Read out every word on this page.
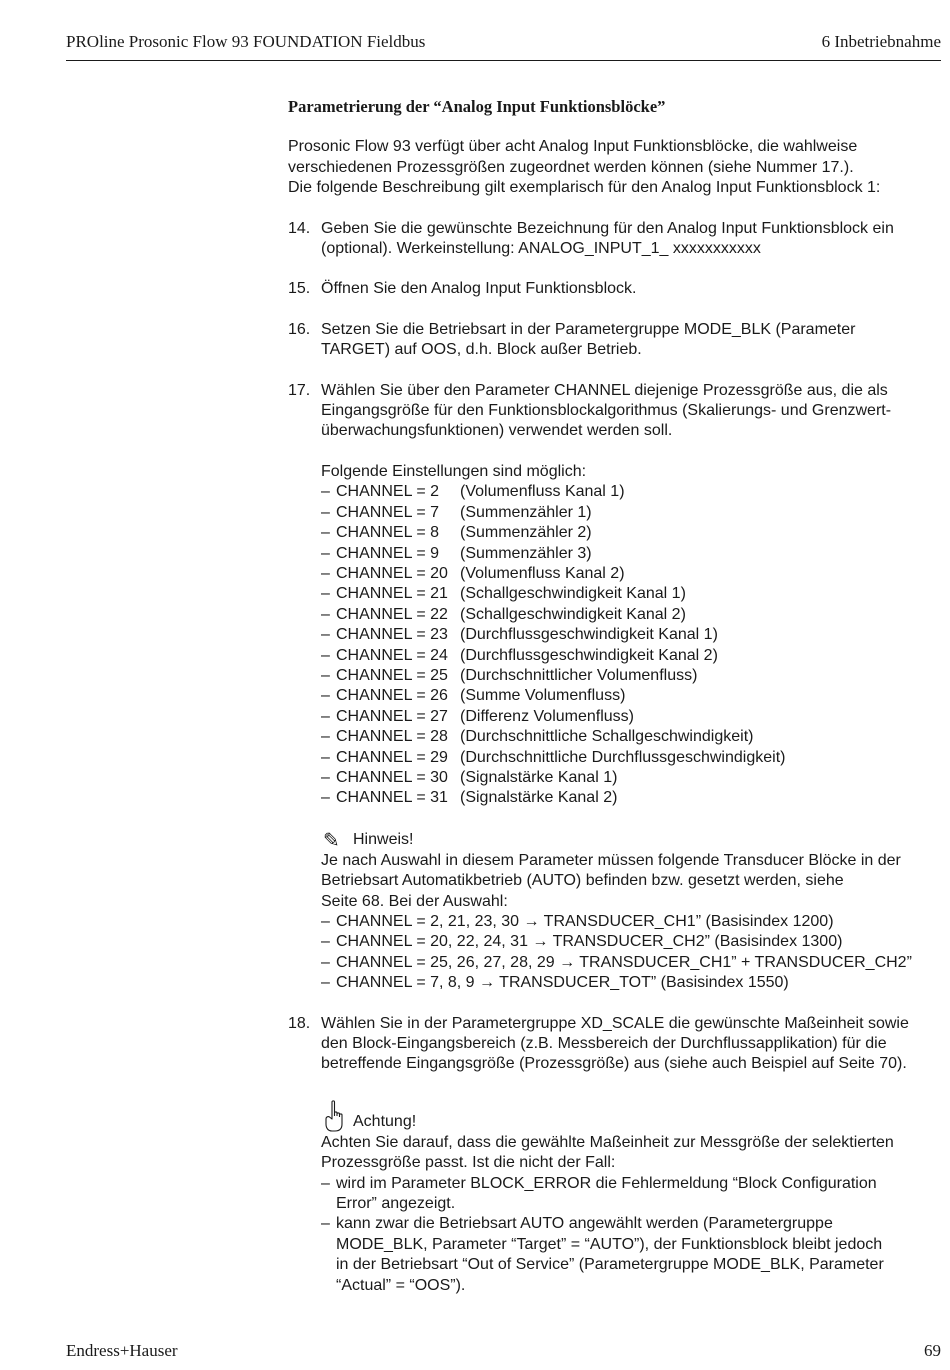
PROline Prosonic Flow 93 FOUNDATION Fieldbus	6 Inbetriebnahme
Parametrierung der “Analog Input Funktionsblöcke”

Prosonic Flow 93 verfügt über acht Analog Input Funktionsblöcke, die wahlweise

verschiedenen Prozessgrößen zugeordnet werden können (siehe Nummer 17.).

Die folgende Beschreibung gilt exemplarisch für den Analog Input Funktionsblock 1:

14. Geben Sie die gewünschte Bezeichnung für den Analog Input Funktionsblock ein

(optional). Werkeinstellung: ANALOG_INPUT_1_ xxxxxxxxxxx

15. Öffnen Sie den Analog Input Funktionsblock.

16. Setzen Sie die Betriebsart in der Parametergruppe MODE_BLK (Parameter

TARGET) auf OOS, d.h. Block außer Betrieb.

17. Wählen Sie über den Parameter CHANNEL diejenige Prozessgröße aus, die als

Eingangsgröße für den Funktionsblockalgorithmus (Skalierungs- und Grenzwert-

überwachungsfunktionen) verwendet werden soll.

Folgende Einstellungen sind möglich:

– CHANNEL = 2 (Volumenfluss Kanal 1)
– CHANNEL = 7 (Summenzähler 1)
– CHANNEL = 8 (Summenzähler 2)
– CHANNEL = 9 (Summenzähler 3)
– CHANNEL = 20 (Volumenfluss Kanal 2)
– CHANNEL = 21 (Schallgeschwindigkeit Kanal 1)
– CHANNEL = 22 (Schallgeschwindigkeit Kanal 2)
– CHANNEL = 23 (Durchflussgeschwindigkeit Kanal 1)
– CHANNEL = 24 (Durchflussgeschwindigkeit Kanal 2)
– CHANNEL = 25 (Durchschnittlicher Volumenfluss)
– CHANNEL = 26 (Summe Volumenfluss)
– CHANNEL = 27 (Differenz Volumenfluss)
– CHANNEL = 28 (Durchschnittliche Schallgeschwindigkeit)
– CHANNEL = 29 (Durchschnittliche Durchflussgeschwindigkeit)
– CHANNEL = 30 (Signalstärke Kanal 1)
– CHANNEL = 31 (Signalstärke Kanal 2)
✎ Hinweis!

Je nach Auswahl in diesem Parameter müssen folgende Transducer Blöcke in der

Betriebsart Automatikbetrieb (AUTO) befinden bzw. gesetzt werden, siehe

Seite 68. Bei der Auswahl:

– CHANNEL = 2, 21, 23, 30 → TRANSDUCER_CH1” (Basisindex 1200)
– CHANNEL = 20, 22, 24, 31 → TRANSDUCER_CH2” (Basisindex 1300)
– CHANNEL = 25, 26, 27, 28, 29 → TRANSDUCER_CH1” + TRANSDUCER_CH2”
– CHANNEL = 7, 8, 9 → TRANSDUCER_TOT” (Basisindex 1550)
18. Wählen Sie in der Parametergruppe XD_SCALE die gewünschte Maßeinheit sowie

den Block-Eingangsbereich (z.B. Messbereich der Durchflussapplikation) für die

betreffende Eingangsgröße (Prozessgröße) aus (siehe auch Beispiel auf Seite 70).

Achtung!

Achten Sie darauf, dass die gewählte Maßeinheit zur Messgröße der selektierten

Prozessgröße passt. Ist die nicht der Fall:

– wird im Parameter BLOCK_ERROR die Fehlermeldung “Block Configuration
Error” angezeigt.
– kann zwar die Betriebsart AUTO angewählt werden (Parametergruppe
MODE_BLK, Parameter “Target” = “AUTO”), der Funktionsblock bleibt jedoch
in der Betriebsart “Out of Service” (Parametergruppe MODE_BLK, Parameter
“Actual” = “OOS”).
Endress+Hauser	69
